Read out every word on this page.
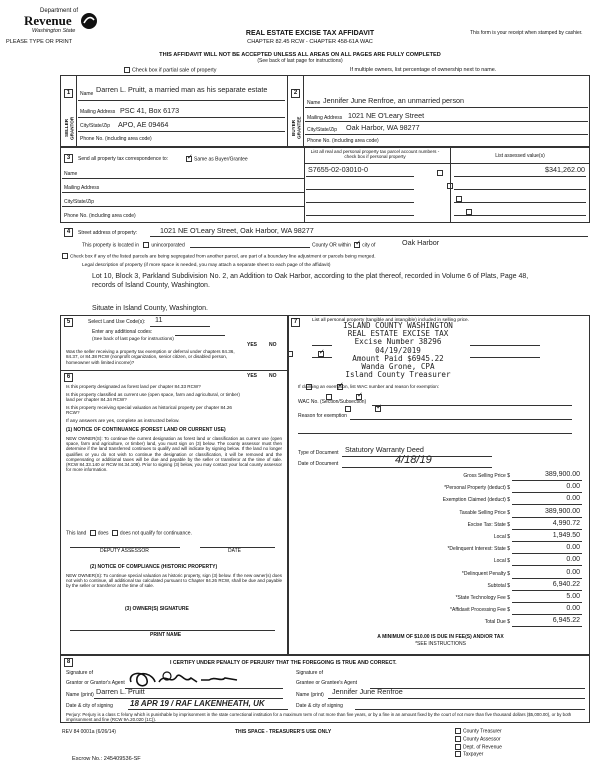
Department of
Revenue
Washington State
PLEASE TYPE OR PRINT
REAL ESTATE EXCISE TAX AFFIDAVIT
CHAPTER 82.45 RCW - CHAPTER 458-61A WAC
This form is your receipt when stamped by cashier.
THIS AFFIDAVIT WILL NOT BE ACCEPTED UNLESS ALL AREAS ON ALL PAGES ARE FULLY COMPLETED
(See back of last page for instructions)
Check box if partial sale of property	If multiple owners, list percentage of ownership next to name.
1
SELLER GRANTOR
Name Darren L. Pruitt, a married man as his separate estate
Mailing Address PSC 41, Box 6173
City/State/Zip APO, AE 09464
Phone No. (including area code)
2
BUYER GRANTEE
Name Jennifer June Renfroe, an unmarried person
Mailing Address 1021 NE O'Leary Street
City/State/Zip Oak Harbor, WA 98277
Phone No. (including area code)
3	Send all property tax correspondence to: ✓	Same as Buyer/Grantee
List all real and personal property tax parcel account numbers - check box if personal property	List assessed value(s)
Name
Mailing Address
City/State/Zip
Phone No. (including area code)
S7655-02-03010-0	$341,262.00

4	Street address of property:	1021 NE O'Leary Street, Oak Harbor, WA 98277
This property is located in unincorporated	County OR within ✓ city of	Oak Harbor
Check box if any of the listed parcels are being segregated from another parcel, are part of a boundary line adjustment or parcels being merged.
Legal description of property (if more space is needed, you may attach a separate sheet to each page of the affidavit)
Lot 10, Block 3, Parkland Subdivision No. 2, an Addition to Oak Harbor, according to the plat thereof, recorded in Volume 6 of Plats, Page 48, records of Island County, Washington.
Situate in Island County, Washington.
5	Select Land Use Code(s): 11
Enter any additional codes:
(See back of last page for instructions)
YES NO
Was the seller receiving a property tax exemption or deferral under chapters 84.36, 84.37, or 84.38 RCW (nonprofit organization, senior citizen, or disabled person, homeowner with limited income)?
✓
6	YES NO
Is this property designated as forest land per chapter 84.33 RCW?
✓
Is this property classified as current use (open space, farm and agricultural, or timber) land per chapter 84.34 RCW?
✓
Is this property receiving special valuation as historical property per chapter 84.26 RCW?
✓
If any answers are yes, complete as instructed below.
(1) NOTICE OF CONTINUANCE (FOREST LAND OR CURRENT USE)
NEW OWNER(S): To continue the current designation as forest land or classification as current use (open space, farm and agriculture, or timber) land, you must sign on (3) below. The county assessor must then determine if the land transferred continues to qualify and will indicate by signing below. If the land no longer qualifies or you do not wish to continue the designation or classification, it will be removed and the compensating or additional taxes will be due and payable by the seller or transferor at the time of sale. (RCW 84.33.140 or RCW 84.34.108). Prior to signing (3) below, you may contact your local county assessor for more information.
This land does does not qualify for continuance.
DEPUTY ASSESSOR	DATE
(2) NOTICE OF COMPLIANCE (HISTORIC PROPERTY)
NEW OWNER(S): To continue special valuation as historic property, sign (3) below. If the new owner(s) does not wish to continue, all additional tax calculated pursuant to Chapter 84.26 RCW, shall be due and payable by the seller or transferor at the time of sale.
(3) OWNER(S) SIGNATURE
PRINT NAME
7	List all personal property (tangible and intangible) included in selling price.
ISLAND COUNTY WASHINGTON
REAL ESTATE EXCISE TAX
Excise Number 38296
04/19/2019
Amount Paid $6945.22
Wanda Grone, CPA
Island County Treasurer
If claiming an exemption, list WAC number and reason for exemption:
WAC No. (Section/Subsection)
Reason for exemption
Type of Document Statutory Warranty Deed
Date of Document	4/18/19
Gross Selling Price $	389,900.00
*Personal Property (deduct) $	0.00
Exemption Claimed (deduct) $	0.00
Taxable Selling Price $	389,900.00
Excise Tax: State $	4,990.72
Local $	1,949.50
*Delinquent Interest: State $	0.00
Local $	0.00
*Delinquent Penalty $	0.00
Subtotal $	6,940.22
*State Technology Fee $	5.00
*Affidavit Processing Fee $	0.00
Total Due $	6,945.22
A MINIMUM OF $10.00 IS DUE IN FEE(S) AND/OR TAX
*SEE INSTRUCTIONS
8	I CERTIFY UNDER PENALTY OF PERJURY THAT THE FOREGOING IS TRUE AND CORRECT.
Signature of
Grantor or Grantor's Agent
Name (print) Darren L. Pruitt
Date & city of signing 18 APR 19 / RAF LAKENHEATH, UK
Signature of
Grantee or Grantee's Agent
Name (print) Jennifer June Renfroe
Date & city of signing
Perjury: Perjury is a class C felony which is punishable by imprisonment in the state correctional institution for a maximum term of not more than five years, or by a fine in an amount fixed by the court of not more than five thousand dollars ($5,000.00), or by both imprisonment and fine (RCW 9A.20.020 (1C)).
REV 84 0001a (6/26/14)	THIS SPACE - TREASURER'S USE ONLY
Escrow No.: 245409536-SF
County Treasurer
County Assessor
Dept. of Revenue
Taxpayer
